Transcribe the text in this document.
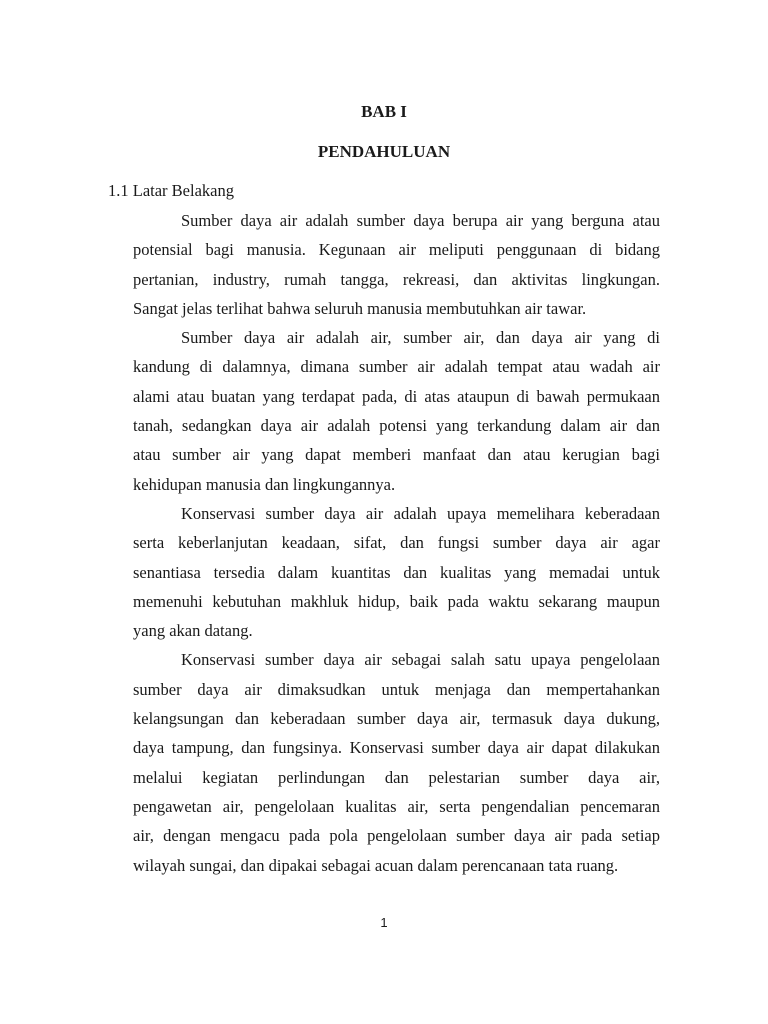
BAB I
PENDAHULUAN
1.1 Latar Belakang
Sumber daya air adalah sumber daya berupa air yang berguna atau
potensial bagi manusia. Kegunaan air meliputi penggunaan di bidang
pertanian, industry, rumah tangga, rekreasi, dan aktivitas lingkungan.
Sangat jelas terlihat bahwa seluruh manusia membutuhkan air tawar.
Sumber daya air adalah air, sumber air, dan daya air yang di
kandung di dalamnya, dimana sumber air adalah tempat atau wadah air
alami atau buatan yang terdapat pada, di atas ataupun di bawah permukaan
tanah, sedangkan daya air adalah potensi yang terkandung dalam air dan
atau sumber air yang dapat memberi manfaat dan atau kerugian bagi
kehidupan manusia dan lingkungannya.
Konservasi sumber daya air adalah upaya memelihara keberadaan
serta keberlanjutan keadaan, sifat, dan fungsi sumber daya air agar
senantiasa tersedia dalam kuantitas dan kualitas yang memadai untuk
memenuhi kebutuhan makhluk hidup, baik pada waktu sekarang maupun
yang akan datang.
Konservasi sumber daya air sebagai salah satu upaya pengelolaan
sumber daya air dimaksudkan untuk menjaga dan mempertahankan
kelangsungan dan keberadaan sumber daya air, termasuk daya dukung,
daya tampung, dan fungsinya. Konservasi sumber daya air dapat dilakukan
melalui kegiatan perlindungan dan pelestarian sumber daya air,
pengawetan air, pengelolaan kualitas air, serta pengendalian pencemaran
air, dengan mengacu pada pola pengelolaan sumber daya air pada setiap
wilayah sungai, dan dipakai sebagai acuan dalam perencanaan tata ruang.
1
